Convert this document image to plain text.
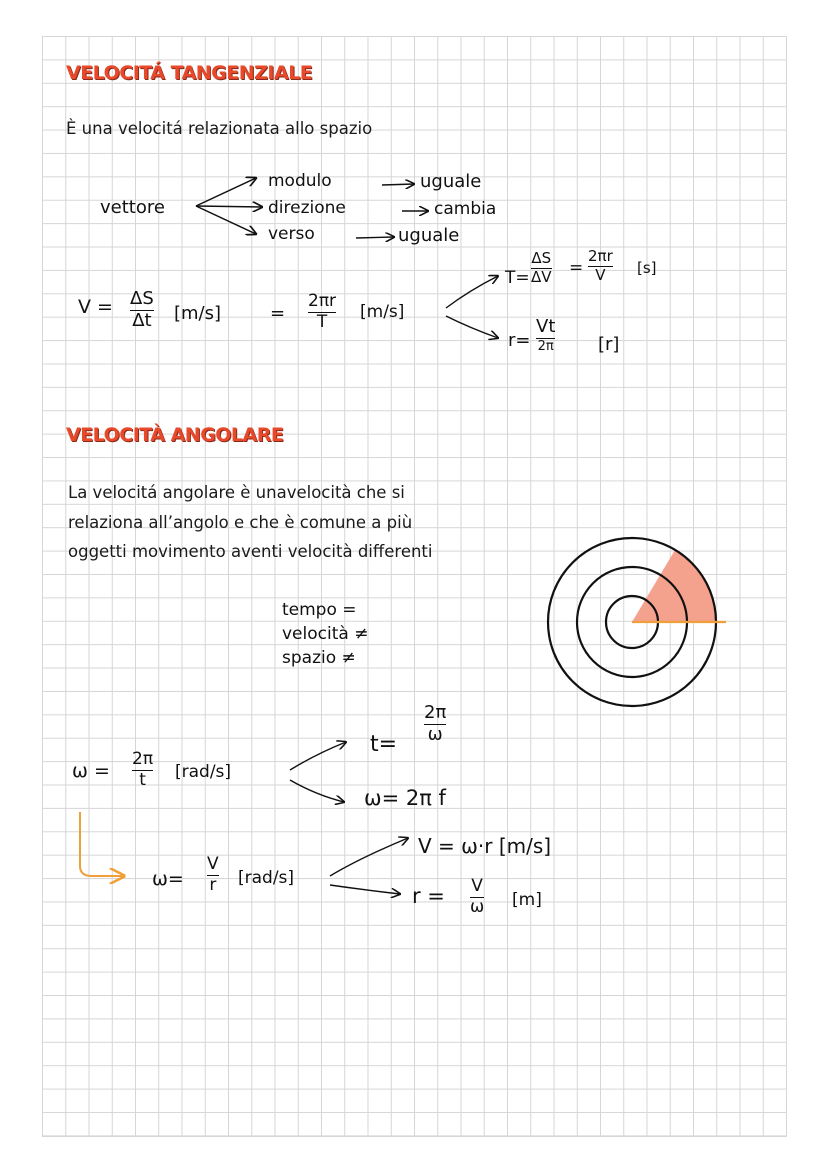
VELOCITÁ TANGENZIALE
È una velocitá relazionata allo spazio
vettore
modulo
direzione
verso
uguale
cambia
uguale
V = ΔS
Δt [m/s]	=
2πr
T [m/s]
T=
ΔS
ΔV =
2πr
V [s]
r=
Vt
2π [r]
VELOCITÀ ANGOLARE
La velocitá angolare è unavelocità che si
relaziona all’angolo e che è comune a più
oggetti movimento aventi velocità differenti
tempo =
velocità ≠
spazio ≠
ω =
2π
t [rad/s]
t=
2π
ω
ω= 2π f
ω=
V
r [rad/s]
V = ω·r [m/s]
r = V
ω [m]
